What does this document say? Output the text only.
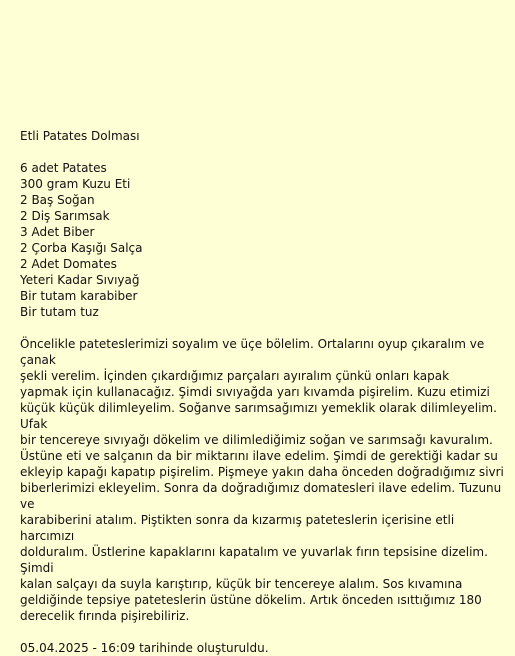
Etli Patates Dolması
6 adet Patates
300 gram Kuzu Eti
2 Baş Soğan
2 Diş Sarımsak
3 Adet Biber
2 Çorba Kaşığı Salça
2 Adet Domates
Yeteri Kadar Sıvıyağ
Bir tutam karabiber
Bir tutam tuz

Öncelikle pateteslerimizi soyalım ve üçe bölelim. Ortalarını oyup çıkaralım ve çanak

şekli verelim. İçinden çıkardığımız parçaları ayıralım çünkü onları kapak

yapmak için kullanacağız. Şimdi sıvıyağda yarı kıvamda pişirelim. Kuzu etimizi

küçük küçük dilimleyelim. Soğanve sarımsağımızı yemeklik olarak dilimleyelim. Ufak

bir tencereye sıvıyağı dökelim ve dilimlediğimiz soğan ve sarımsağı kavuralım.

Üstüne eti ve salçanın da bir miktarını ilave edelim. Şimdi de gerektiği kadar su

ekleyip kapağı kapatıp pişirelim. Pişmeye yakın daha önceden doğradığımız sivri

biberlerimizi ekleyelim. Sonra da doğradığımız domatesleri ilave edelim. Tuzunu ve

karabiberini atalım. Piştikten sonra da kızarmış pateteslerin içerisine etli harcımızı

dolduralım. Üstlerine kapaklarını kapatalım ve yuvarlak fırın tepsisine dizelim. Şimdi

kalan salçayı da suyla karıştırıp, küçük bir tencereye alalım. Sos kıvamına

geldiğinde tepsiye pateteslerin üstüne dökelim. Artık önceden ısıttığımız 180

derecelik fırında pişirebiliriz.

05.04.2025 - 16:09 tarihinde oluşturuldu.
